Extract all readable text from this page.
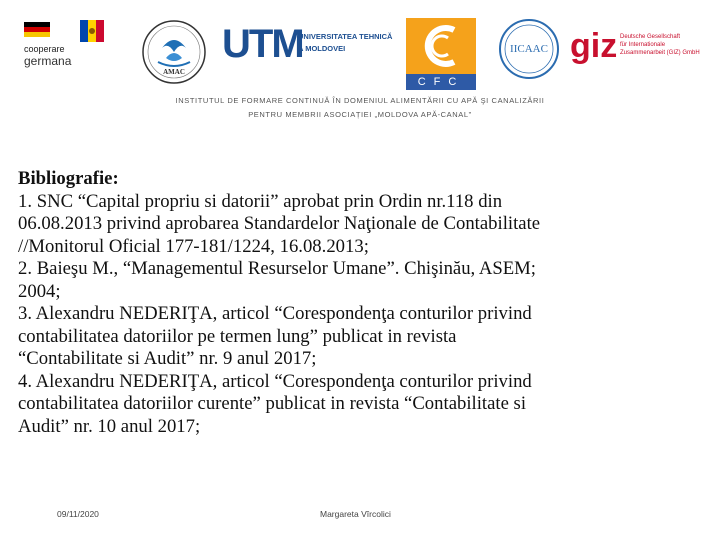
cooperare
germana
AMAC
UTM
UNIVERSITATEA TEHNICĂ
A MOLDOVEI
CFC
IICAAC giz Deutsche Gesellschaft
für Internationale
Zusammenarbeit (GIZ) GmbH
INSTITUTUL DE FORMARE CONTINUĂ ÎN DOMENIUL ALIMENTĂRII CU APĂ ŞI CANALIZĂRII
PENTRU MEMBRII ASOCIAȚIEI „MOLDOVA APĂ-CANAL”
Bibliografie:
1. SNC “Capital propriu si datorii” aprobat prin Ordin nr.118 din
06.08.2013 privind aprobarea Standardelor Naţionale de Contabilitate
//Monitorul Oficial 177-181/1224, 16.08.2013;
2. Baieşu M., “Managementul Resurselor Umane”. Chişinău, ASEM;
2004;
3. Alexandru NEDERIŢA, articol “Corespondenţa conturilor privind
contabilitatea datoriilor pe termen lung” publicat in revista
“Contabilitate si Audit” nr. 9 anul 2017;
4. Alexandru NEDERIŢA, articol “Corespondenţa conturilor privind
contabilitatea datoriilor curente” publicat in revista “Contabilitate si
Audit” nr. 10 anul 2017;
09/11/2020	Margareta Vîrcolici
